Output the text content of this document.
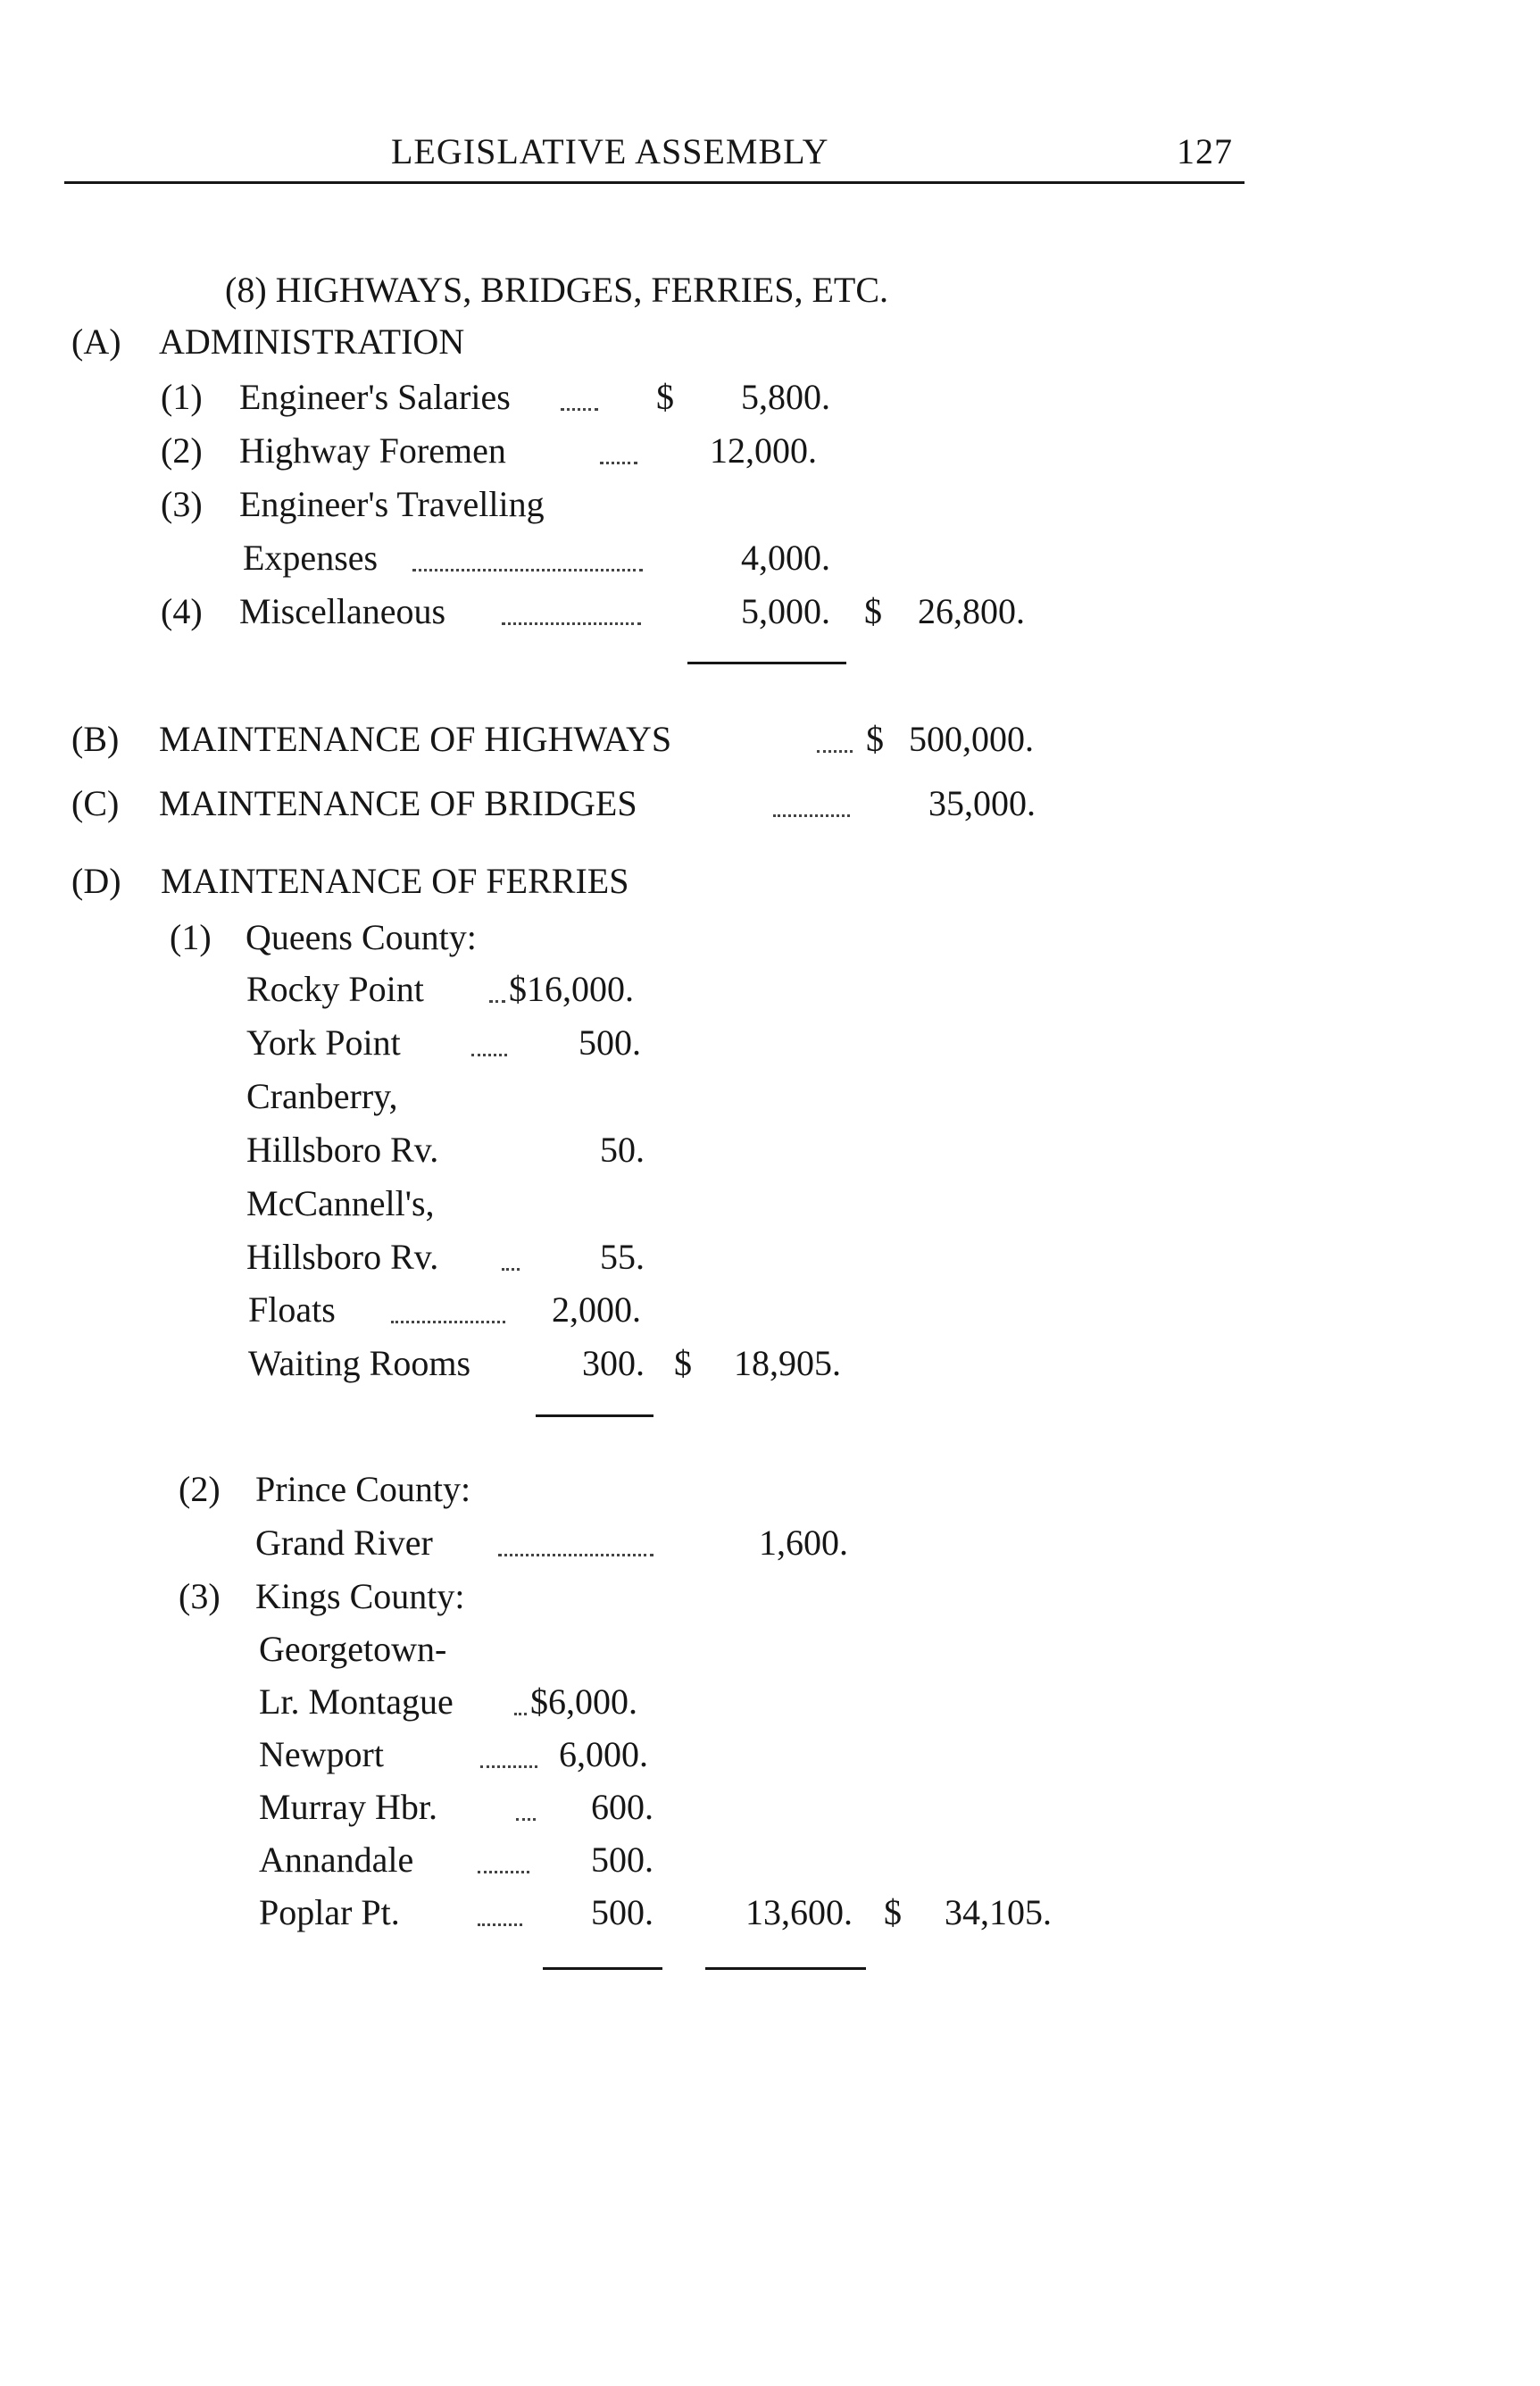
LEGISLATIVE ASSEMBLY	127
(8) HIGHWAYS, BRIDGES, FERRIES, ETC.
(A) ADMINISTRATION
(1) Engineer's Salaries	$ 5,800.
(2) Highway Foremen	12,000.
(3) Engineer's Travelling
Expenses	4,000.
(4) Miscellaneous	5,000. $ 26,800.
(B) MAINTENANCE OF HIGHWAYS	$ 500,000.
(C) MAINTENANCE OF BRIDGES	35,000.
(D) MAINTENANCE OF FERRIES
(1) Queens County:
Rocky Point $16,000.
York Point	500.
Cranberry,
Hillsboro Rv.	50.
McCannell's,
Hillsboro Rv.	55.
Floats	2,000.
Waiting Rooms	300. $ 18,905.
(2) Prince County:
Grand River	1,600.
(3) Kings County:
Georgetown-
Lr. Montague $6,000.
Newport	6,000.
Murray Hbr.	600.
Annandale	500.
Poplar Pt.	500.	13,600. $ 34,105.
